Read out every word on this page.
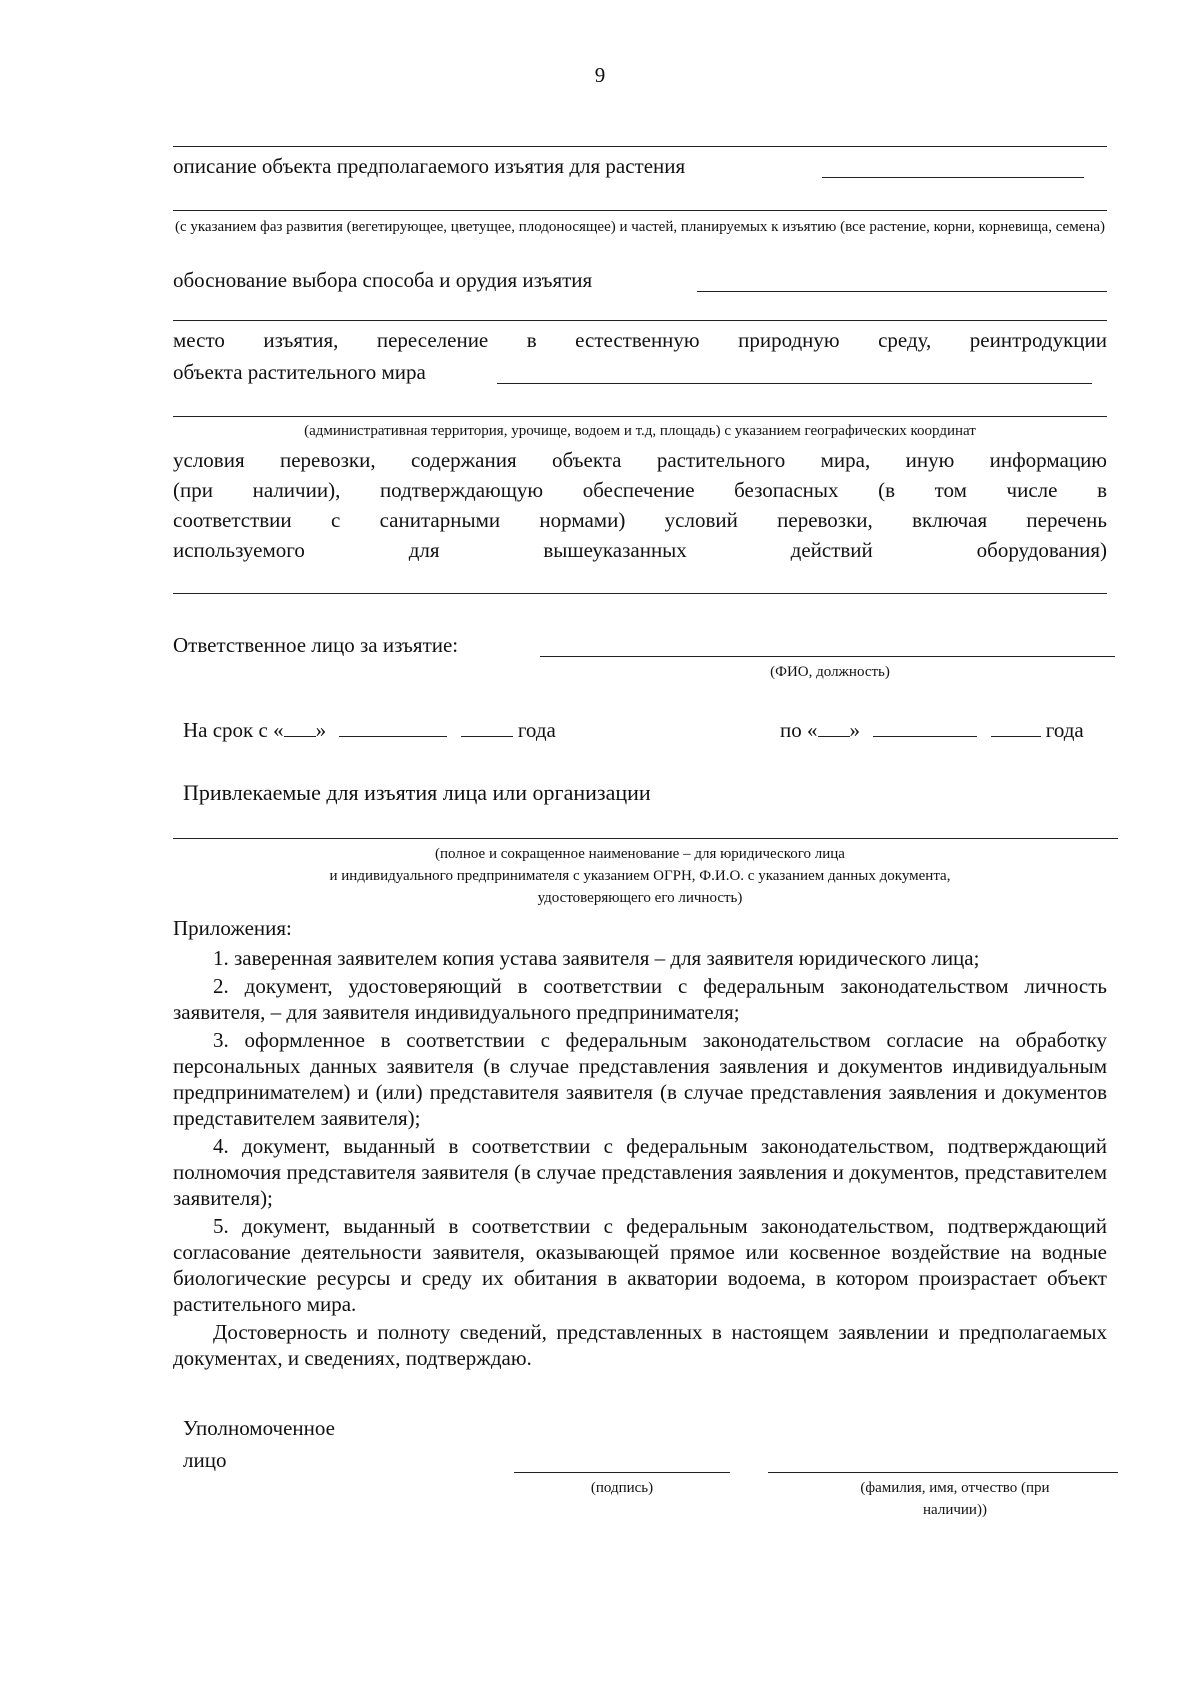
9
описание объекта предполагаемого изъятия для растения
(с указанием фаз развития (вегетирующее, цветущее, плодоносящее) и частей, планируемых к изъятию (все растение, корни, корневища, семена)
обоснование выбора способа и орудия изъятия
место изъятия, переселение в естественную природную среду, реинтродукции
объекта растительного мира
(административная территория, урочище, водоем и т.д, площадь) с указанием географических координат
условия перевозки, содержания объекта растительного мира, иную информацию
(при наличии), подтверждающую обеспечение безопасных (в том числе в
соответствии с санитарными нормами) условий перевозки, включая перечень
используемого для вышеуказанных действий оборудования)
Ответственное лицо за изъятие:
(ФИО, должность)
На срок с « »	года	по « »	года
Привлекаемые для изъятия лица или организации
(полное и сокращенное наименование – для юридического лица
и индивидуального предпринимателя с указанием ОГРН, Ф.И.О. с указанием данных документа,
удостоверяющего его личность)
Приложения:

1. заверенная заявителем копия устава заявителя – для заявителя юридического лица;

2. документ, удостоверяющий в соответствии с федеральным законодательством личность заявителя, – для заявителя индивидуального предпринимателя;

3. оформленное в соответствии с федеральным законодательством согласие на обработку персональных данных заявителя (в случае представления заявления и документов индивидуальным предпринимателем) и (или) представителя заявителя (в случае представления заявления и документов представителем заявителя);

4. документ, выданный в соответствии с федеральным законодательством, подтверждающий полномочия представителя заявителя (в случае представления заявления и документов, представителем заявителя);

5. документ, выданный в соответствии с федеральным законодательством, подтверждающий согласование деятельности заявителя, оказывающей прямое или косвенное воздействие на водные биологические ресурсы и среду их обитания в акватории водоема, в котором произрастает объект растительного мира.

Достоверность и полноту сведений, представленных в настоящем заявлении и предполагаемых документах, и сведениях, подтверждаю.

Уполномоченное
лицо
(подпись)	(фамилия, имя, отчество (при
наличии))
